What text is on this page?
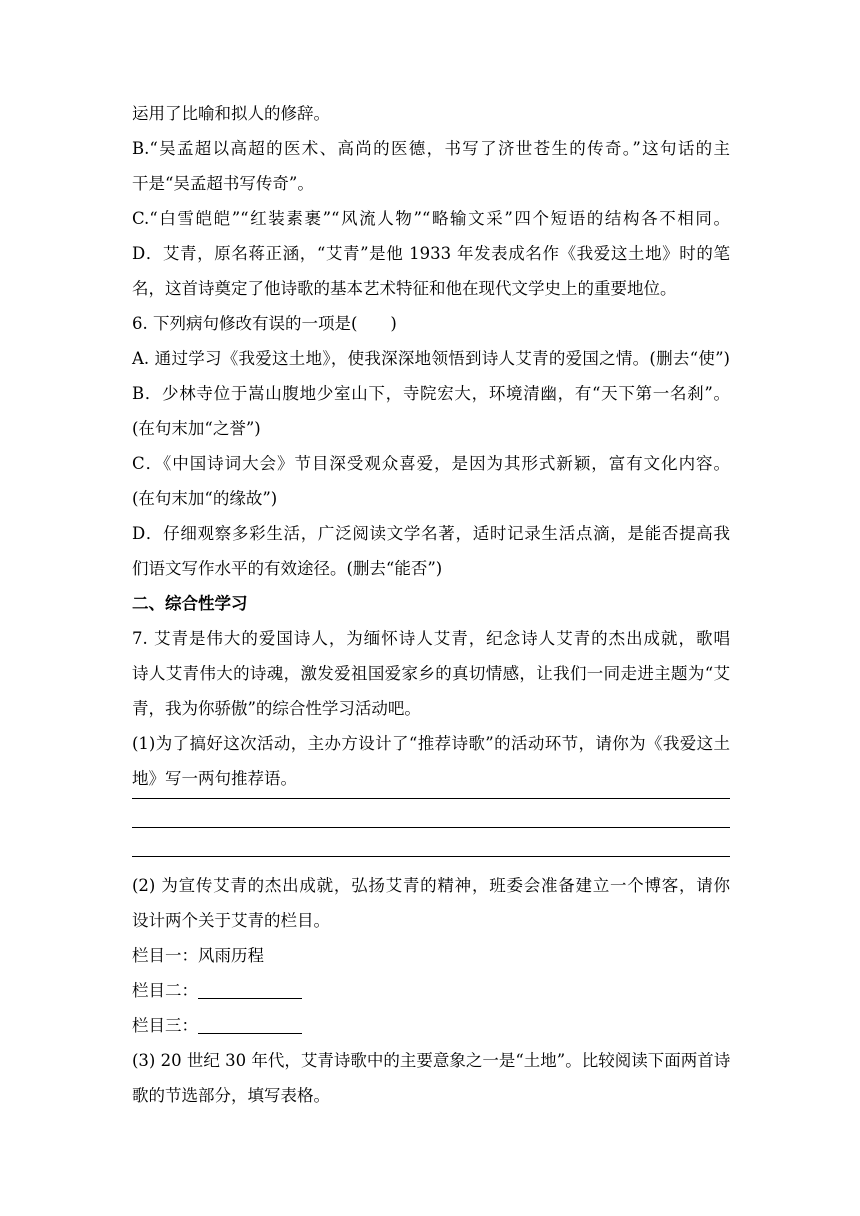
运用了比喻和拟人的修辞。
B.“吴孟超以高超的医术、高尚的医德，书写了济世苍生的传奇。”这句话的主
干是“吴孟超书写传奇”。
C.“白雪皑皑”“红装素裹”“风流人物”“略输文采”四个短语的结构各不相同。
D．艾青，原名蒋正涵，“艾青”是他 1933 年发表成名作《我爱这土地》时的笔
名，这首诗奠定了他诗歌的基本艺术特征和他在现代文学史上的重要地位。
6. 下列病句修改有误的一项是(　　)
A. 通过学习《我爱这土地》，使我深深地领悟到诗人艾青的爱国之情。(删去“使”)
B．少林寺位于嵩山腹地少室山下，寺院宏大，环境清幽，有“天下第一名刹”。
(在句末加“之誉”)
C．《中国诗词大会》节目深受观众喜爱，是因为其形式新颖，富有文化内容。
(在句末加“的缘故”)
D．仔细观察多彩生活，广泛阅读文学名著，适时记录生活点滴，是能否提高我
们语文写作水平的有效途径。(删去“能否”)
二、综合性学习
7. 艾青是伟大的爱国诗人，为缅怀诗人艾青，纪念诗人艾青的杰出成就，歌唱
诗人艾青伟大的诗魂，激发爱祖国爱家乡的真切情感，让我们一同走进主题为“艾
青，我为你骄傲”的综合性学习活动吧。
(1)为了搞好这次活动，主办方设计了“推荐诗歌”的活动环节，请你为《我爱这土
地》写一两句推荐语。
(2) 为宣传艾青的杰出成就，弘扬艾青的精神，班委会准备建立一个博客，请你
设计两个关于艾青的栏目。
栏目一：风雨历程
栏目二：
栏目三：
(3) 20 世纪 30 年代，艾青诗歌中的主要意象之一是“土地”。比较阅读下面两首诗
歌的节选部分，填写表格。
